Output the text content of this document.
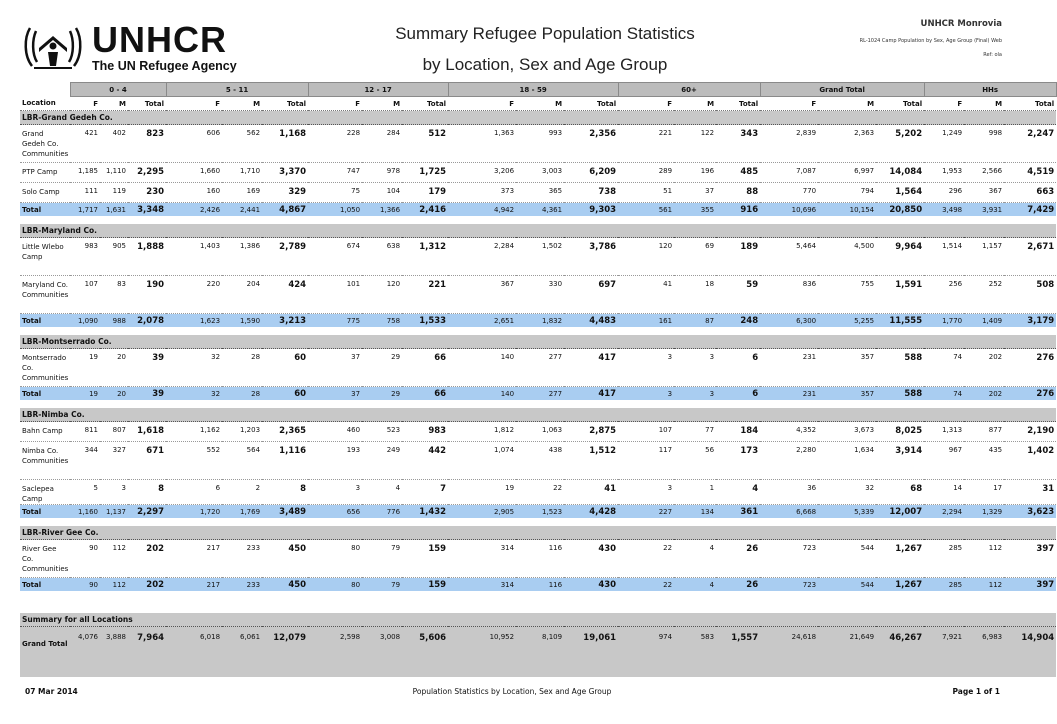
UNHCR
The UN Refugee Agency
Summary Refugee Population Statistics
by Location, Sex and Age Group
UNHCR Monrovia
RL-1024 Camp Population by Sex, Age Group (Final) Web
Ref: ola
	0 - 4			5 - 11			12 - 17			18 - 59			60+			Grand Total			HHs		
Location	F	M	Total	F	M	Total	F	M	Total	F	M	Total	F	M	Total	F	M	Total	F	M	Total
LBR-Grand Gedeh Co.																					
Grand Gedeh Co. Communities	421	402	823	606	562	1,168	228	284	512	1,363	993	2,356	221	122	343	2,839	2,363	5,202	1,249	998	2,247
PTP Camp	1,185	1,110	2,295	1,660	1,710	3,370	747	978	1,725	3,206	3,003	6,209	289	196	485	7,087	6,997	14,084	1,953	2,566	4,519
Solo Camp	111	119	230	160	169	329	75	104	179	373	365	738	51	37	88	770	794	1,564	296	367	663
Total	1,717	1,631	3,348	2,426	2,441	4,867	1,050	1,366	2,416	4,942	4,361	9,303	561	355	916	10,696	10,154	20,850	3,498	3,931	7,429

LBR-Maryland Co.																					
Little Wlebo Camp	983	905	1,888	1,403	1,386	2,789	674	638	1,312	2,284	1,502	3,786	120	69	189	5,464	4,500	9,964	1,514	1,157	2,671
Maryland Co. Communities	107	83	190	220	204	424	101	120	221	367	330	697	41	18	59	836	755	1,591	256	252	508
Total	1,090	988	2,078	1,623	1,590	3,213	775	758	1,533	2,651	1,832	4,483	161	87	248	6,300	5,255	11,555	1,770	1,409	3,179

LBR-Montserrado Co.																					
Montserrado Co. Communities	19	20	39	32	28	60	37	29	66	140	277	417	3	3	6	231	357	588	74	202	276
Total	19	20	39	32	28	60	37	29	66	140	277	417	3	3	6	231	357	588	74	202	276

LBR-Nimba Co.																					
Bahn Camp	811	807	1,618	1,162	1,203	2,365	460	523	983	1,812	1,063	2,875	107	77	184	4,352	3,673	8,025	1,313	877	2,190
Nimba Co. Communities	344	327	671	552	564	1,116	193	249	442	1,074	438	1,512	117	56	173	2,280	1,634	3,914	967	435	1,402
Saclepea Camp	5	3	8	6	2	8	3	4	7	19	22	41	3	1	4	36	32	68	14	17	31
Total	1,160	1,137	2,297	1,720	1,769	3,489	656	776	1,432	2,905	1,523	4,428	227	134	361	6,668	5,339	12,007	2,294	1,329	3,623

LBR-River Gee Co.																					
River Gee Co. Communities	90	112	202	217	233	450	80	79	159	314	116	430	22	4	26	723	544	1,267	285	112	397
Total	90	112	202	217	233	450	80	79	159	314	116	430	22	4	26	723	544	1,267	285	112	397

Summary for all Locations																					
Grand Total	4,076	3,888	7,964	6,018	6,061	12,079	2,598	3,008	5,606	10,952	8,109	19,061	974	583	1,557	24,618	21,649	46,267	7,921	6,983	14,904
07 Mar 2014	Population Statistics by Location, Sex and Age Group	Page 1 of 1
